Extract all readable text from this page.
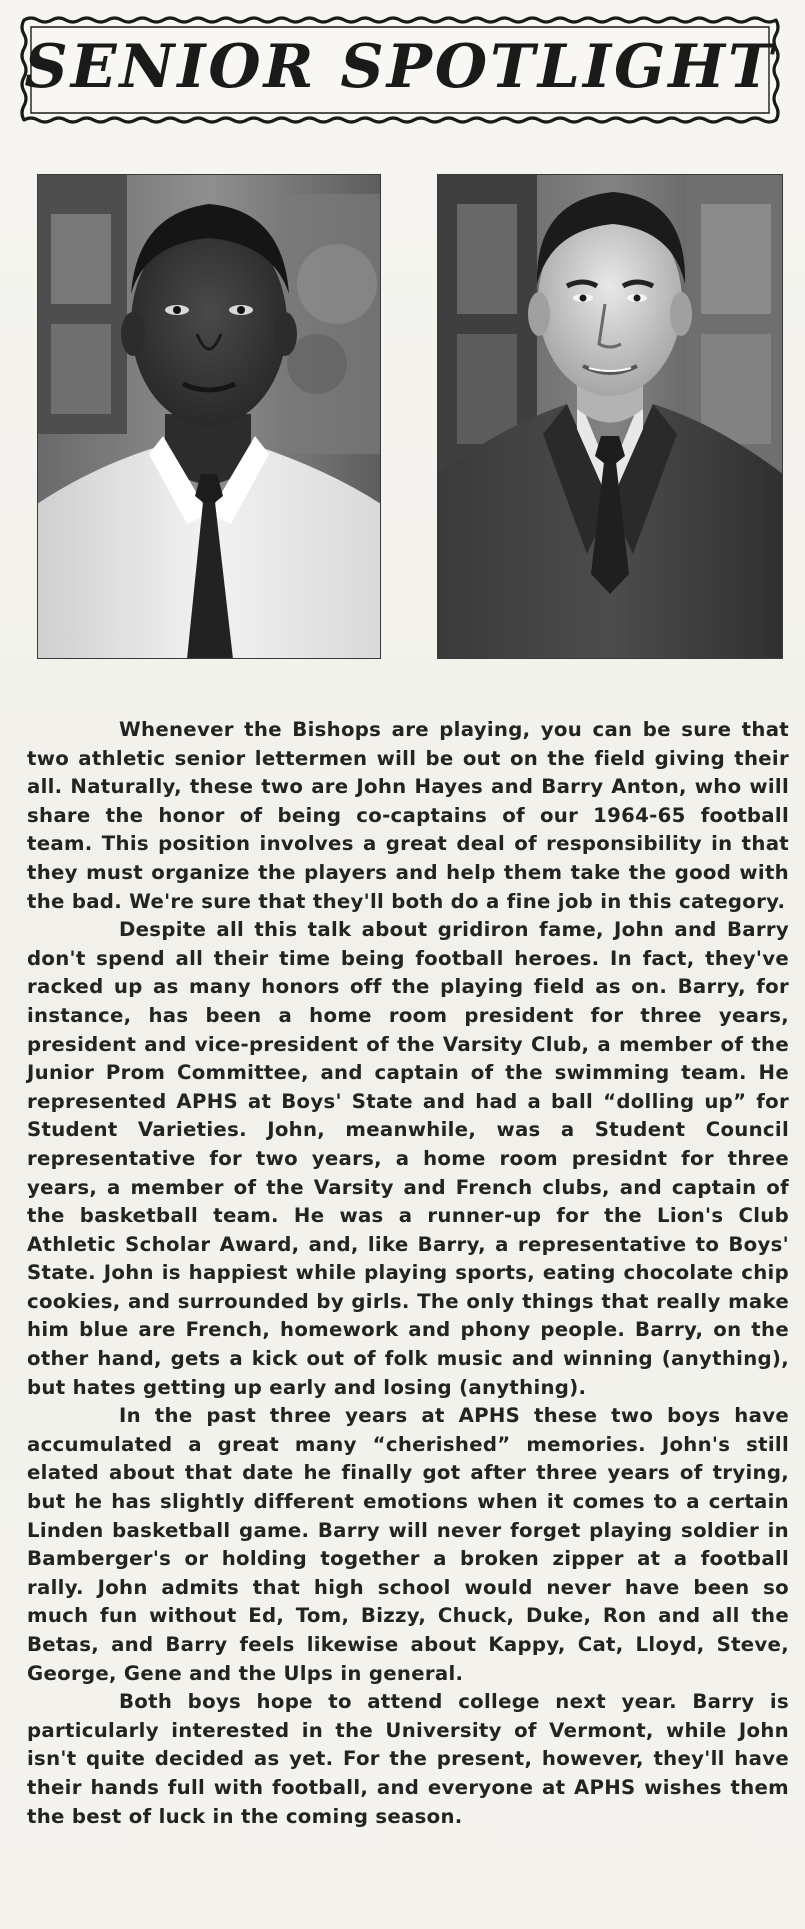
SENIOR SPOTLIGHT

Whenever the Bishops are playing, you can be sure that two athletic senior lettermen will be out on the field giving their all. Naturally, these two are John Hayes and Barry Anton, who will share the honor of being co-captains of our 1964-65 football team. This position involves a great deal of responsibility in that they must organize the players and help them take the good with the bad. We're sure that they'll both do a fine job in this category.

Despite all this talk about gridiron fame, John and Barry don't spend all their time being football heroes. In fact, they've racked up as many honors off the playing field as on. Barry, for instance, has been a home room president for three years, president and vice-president of the Varsity Club, a member of the Junior Prom Committee, and captain of the swimming team. He represented APHS at Boys' State and had a ball “dolling up” for Student Varieties. John, meanwhile, was a Student Council representative for two years, a home room presidnt for three years, a member of the Varsity and French clubs, and captain of the basketball team. He was a runner-up for the Lion's Club Athletic Scholar Award, and, like Barry, a representative to Boys' State. John is happiest while playing sports, eating chocolate chip cookies, and surrounded by girls. The only things that really make him blue are French, homework and phony people. Barry, on the other hand, gets a kick out of folk music and winning (anything), but hates getting up early and losing (anything).

In the past three years at APHS these two boys have accumulated a great many “cherished” memories. John's still elated about that date he finally got after three years of trying, but he has slightly different emotions when it comes to a certain Linden basketball game. Barry will never forget playing soldier in Bamberger's or holding together a broken zipper at a football rally. John admits that high school would never have been so much fun without Ed, Tom, Bizzy, Chuck, Duke, Ron and all the Betas, and Barry feels likewise about Kappy, Cat, Lloyd, Steve, George, Gene and the Ulps in general.

Both boys hope to attend college next year. Barry is particularly interested in the University of Vermont, while John isn't quite decided as yet. For the present, however, they'll have their hands full with football, and everyone at APHS wishes them the best of luck in the coming season.
